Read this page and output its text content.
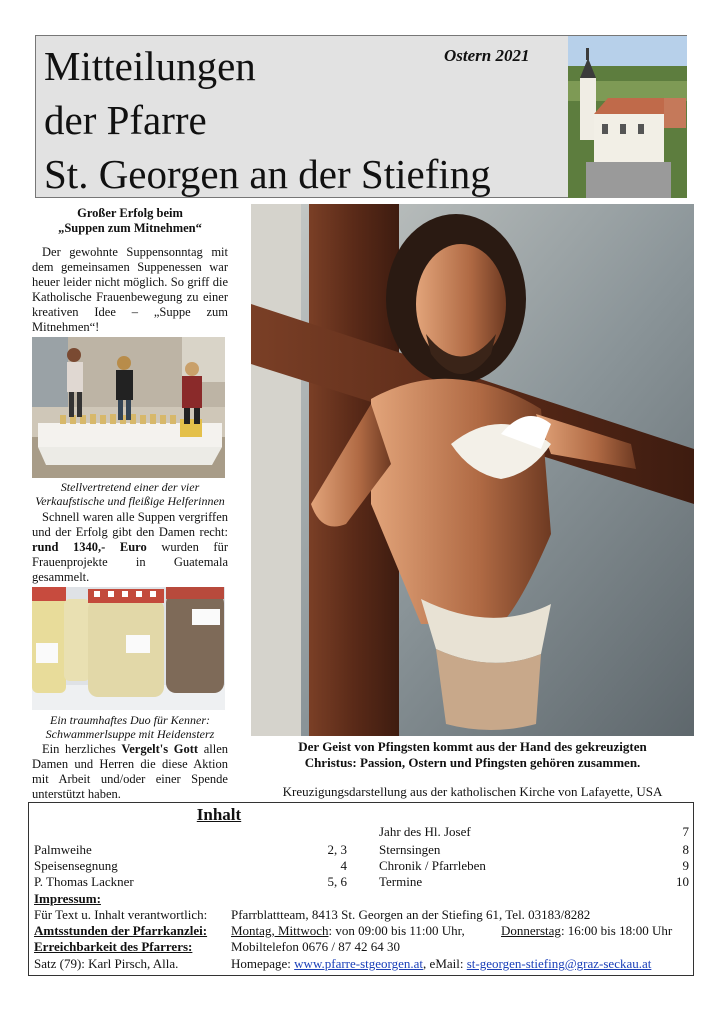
Mitteilungen
der Pfarre
St. Georgen an der Stiefing
Ostern 2021
Großer Erfolg beim
„Suppen zum Mitnehmen“

Der gewohnte Suppensonntag mit dem gemeinsamen Suppenessen war heuer leider nicht möglich. So griff die Katholische Frauenbewegung zu einer kreativen Idee – „Suppe zum Mitnehmen“!

Stellvertretend einer der vier
Verkaufstische und fleißige Helferinnen

Schnell waren alle Suppen vergriffen und der Erfolg gibt den Damen recht: rund 1340,- Euro wurden für Frauenprojekte in Guatemala gesammelt.

Ein traumhaftes Duo für Kenner:
Schwammerlsuppe mit Heidensterz

Ein herzliches Vergelt's Gott allen Damen und Herren die diese Aktion mit Arbeit und/oder einer Spende unterstützt haben.

Der Geist von Pfingsten kommt aus der Hand des gekreuzigten
Christus: Passion, Ostern und Pfingsten gehören zusammen.
Kreuzigungsdarstellung aus der katholischen Kirche von Lafayette, USA
Inhalt
Palmweihe	2, 3
Speisensegnung	4
P. Thomas Lackner	5, 6
Jahr des Hl. Josef	7
Sternsingen	8
Chronik / Pfarrleben	9
Termine	10
Impressum:
Für Text u. Inhalt verantwortlich: Pfarrblattteam, 8413 St. Georgen an der Stiefing 61, Tel. 03183/8282
Amtsstunden der Pfarrkanzlei: Montag, Mittwoch: von 09:00 bis 11:00 Uhr,	Donnerstag: 16:00 bis 18:00 Uhr
Erreichbarkeit des Pfarrers:	Mobiltelefon 0676 / 87 42 64 30
Satz (79): Karl Pirsch, Alla.	Homepage: www.pfarre-stgeorgen.at, eMail: st-georgen-stiefing@graz-seckau.at
